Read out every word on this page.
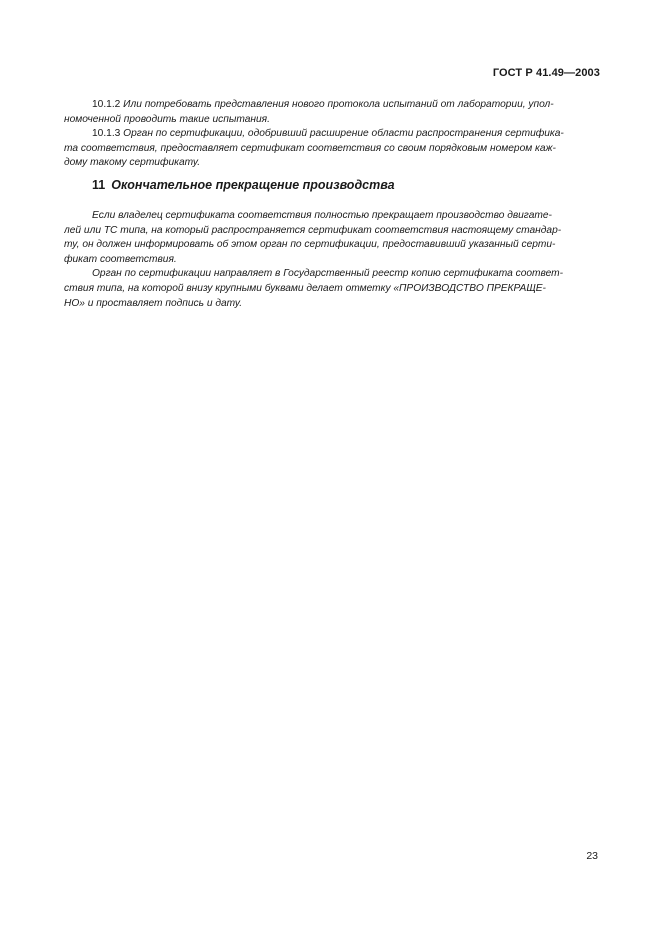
ГОСТ Р 41.49—2003
10.1.2 Или потребовать представления нового протокола испытаний от лаборатории, упол-
номоченной проводить такие испытания.
10.1.3 Орган по сертификации, одобривший расширение области распространения сертифика-
та соответствия, предоставляет сертификат соответствия со своим порядковым номером каж-
дому такому сертификату.
11 Окончательное прекращение производства
Если владелец сертификата соответствия полностью прекращает производство двигате-
лей или ТС типа, на который распространяется сертификат соответствия настоящему стандар-
ту, он должен информировать об этом орган по сертификации, предоставивший указанный серти-
фикат соответствия.
Орган по сертификации направляет в Государственный реестр копию сертификата соответ-
ствия типа, на которой внизу крупными буквами делает отметку «ПРОИЗВОДСТВО ПРЕКРАЩЕ-
НО» и проставляет подпись и дату.
23
